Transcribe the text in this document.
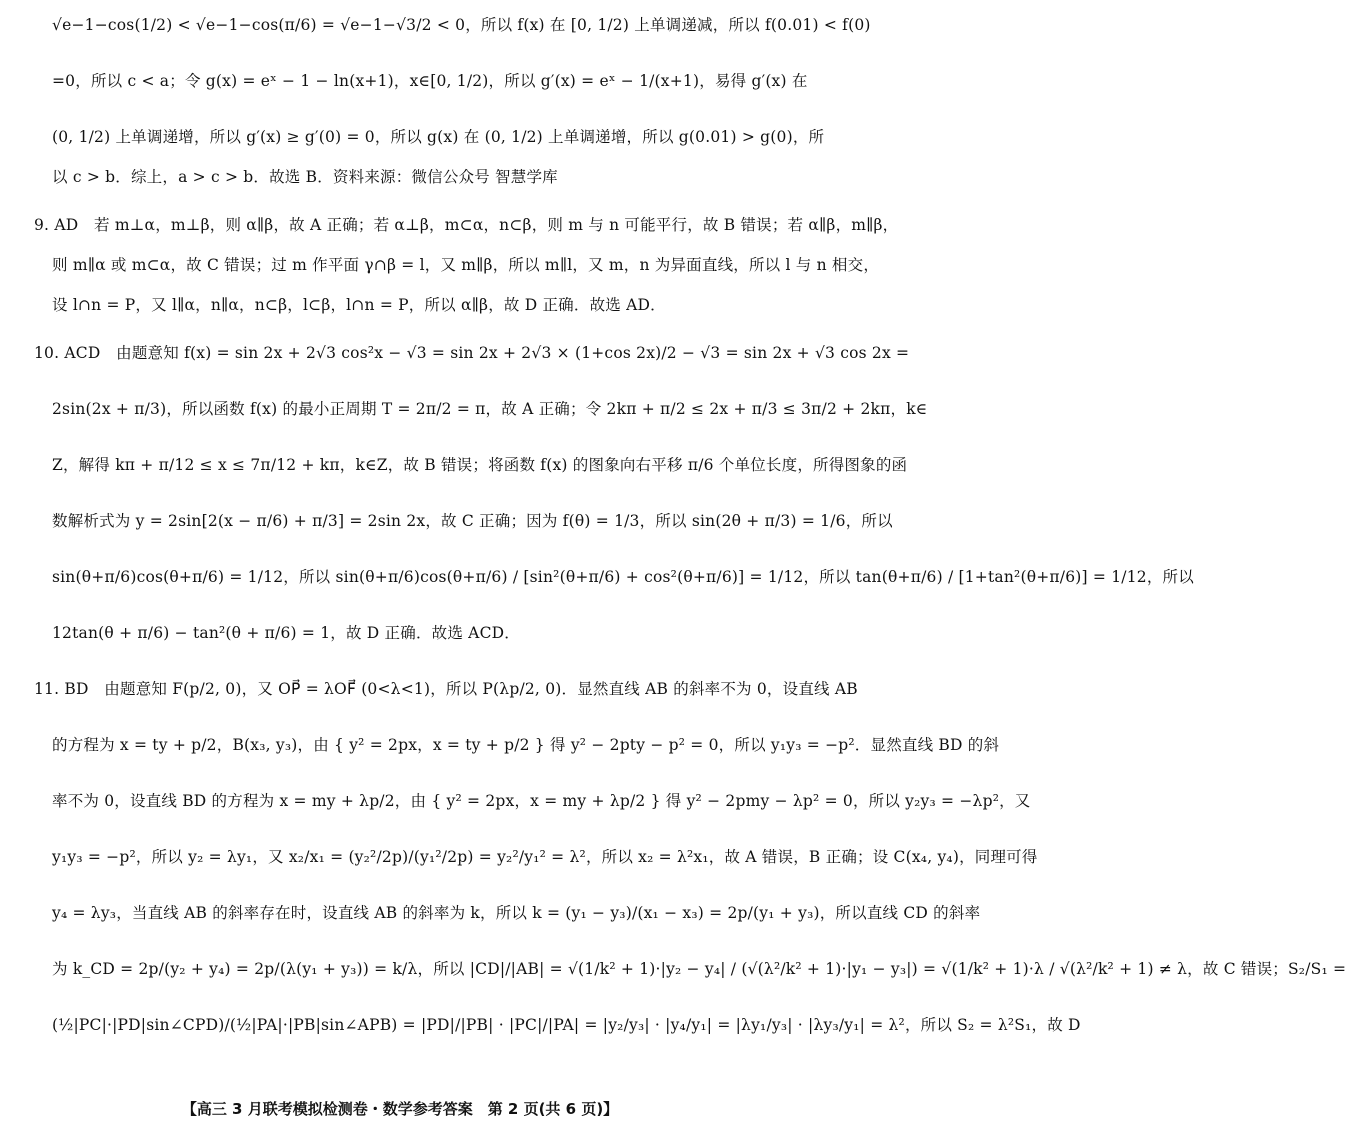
√e−1−cos(1/2) < √e−1−cos(π/6) = √e−1−√3/2 < 0，所以 f(x) 在 [0, 1/2) 上单调递减，所以 f(0.01) < f(0)
=0，所以 c < a；令 g(x) = eˣ − 1 − ln(x+1)，x∈[0, 1/2)，所以 g′(x) = eˣ − 1/(x+1)，易得 g′(x) 在
(0, 1/2) 上单调递增，所以 g′(x) ≥ g′(0) = 0，所以 g(x) 在 (0, 1/2) 上单调递增，所以 g(0.01) > g(0)，所
以 c > b．综上，a > c > b．故选 B．资料来源：微信公众号 智慧学库
9. AD　若 m⊥α，m⊥β，则 α∥β，故 A 正确；若 α⊥β，m⊂α，n⊂β，则 m 与 n 可能平行，故 B 错误；若 α∥β，m∥β，
则 m∥α 或 m⊂α，故 C 错误；过 m 作平面 γ∩β = l，又 m∥β，所以 m∥l，又 m，n 为异面直线，所以 l 与 n 相交，
设 l∩n = P，又 l∥α，n∥α，n⊂β，l⊂β，l∩n = P，所以 α∥β，故 D 正确．故选 AD．
10. ACD　由题意知 f(x) = sin 2x + 2√3 cos²x − √3 = sin 2x + 2√3 × (1+cos 2x)/2 − √3 = sin 2x + √3 cos 2x =
2sin(2x + π/3)，所以函数 f(x) 的最小正周期 T = 2π/2 = π，故 A 正确；令 2kπ + π/2 ≤ 2x + π/3 ≤ 3π/2 + 2kπ，k∈
Z，解得 kπ + π/12 ≤ x ≤ 7π/12 + kπ，k∈Z，故 B 错误；将函数 f(x) 的图象向右平移 π/6 个单位长度，所得图象的函
数解析式为 y = 2sin[2(x − π/6) + π/3] = 2sin 2x，故 C 正确；因为 f(θ) = 1/3，所以 sin(2θ + π/3) = 1/6，所以
sin(θ+π/6)cos(θ+π/6) = 1/12，所以 sin(θ+π/6)cos(θ+π/6) / [sin²(θ+π/6) + cos²(θ+π/6)] = 1/12，所以 tan(θ+π/6) / [1+tan²(θ+π/6)] = 1/12，所以
12tan(θ + π/6) − tan²(θ + π/6) = 1，故 D 正确．故选 ACD．
11. BD　由题意知 F(p/2, 0)，又 OP⃗ = λOF⃗ (0<λ<1)，所以 P(λp/2, 0)．显然直线 AB 的斜率不为 0，设直线 AB
的方程为 x = ty + p/2，B(x₃, y₃)，由 { y² = 2px，x = ty + p/2 } 得 y² − 2pty − p² = 0，所以 y₁y₃ = −p²．显然直线 BD 的斜
率不为 0，设直线 BD 的方程为 x = my + λp/2，由 { y² = 2px，x = my + λp/2 } 得 y² − 2pmy − λp² = 0，所以 y₂y₃ = −λp²，又
y₁y₃ = −p²，所以 y₂ = λy₁，又 x₂/x₁ = (y₂²/2p)/(y₁²/2p) = y₂²/y₁² = λ²，所以 x₂ = λ²x₁，故 A 错误，B 正确；设 C(x₄, y₄)，同理可得
y₄ = λy₃，当直线 AB 的斜率存在时，设直线 AB 的斜率为 k，所以 k = (y₁ − y₃)/(x₁ − x₃) = 2p/(y₁ + y₃)，所以直线 CD 的斜率
为 k_CD = 2p/(y₂ + y₄) = 2p/(λ(y₁ + y₃)) = k/λ，所以 |CD|/|AB| = √(1/k² + 1)·|y₂ − y₄| / (√(λ²/k² + 1)·|y₁ − y₃|) = √(1/k² + 1)·λ / √(λ²/k² + 1) ≠ λ，故 C 错误；S₂/S₁ =
(½|PC|·|PD|sin∠CPD)/(½|PA|·|PB|sin∠APB) = |PD|/|PB| · |PC|/|PA| = |y₂/y₃| · |y₄/y₁| = |λy₁/y₃| · |λy₃/y₁| = λ²，所以 S₂ = λ²S₁，故 D
【高三 3 月联考模拟检测卷・数学参考答案　第 2 页(共 6 页)】
